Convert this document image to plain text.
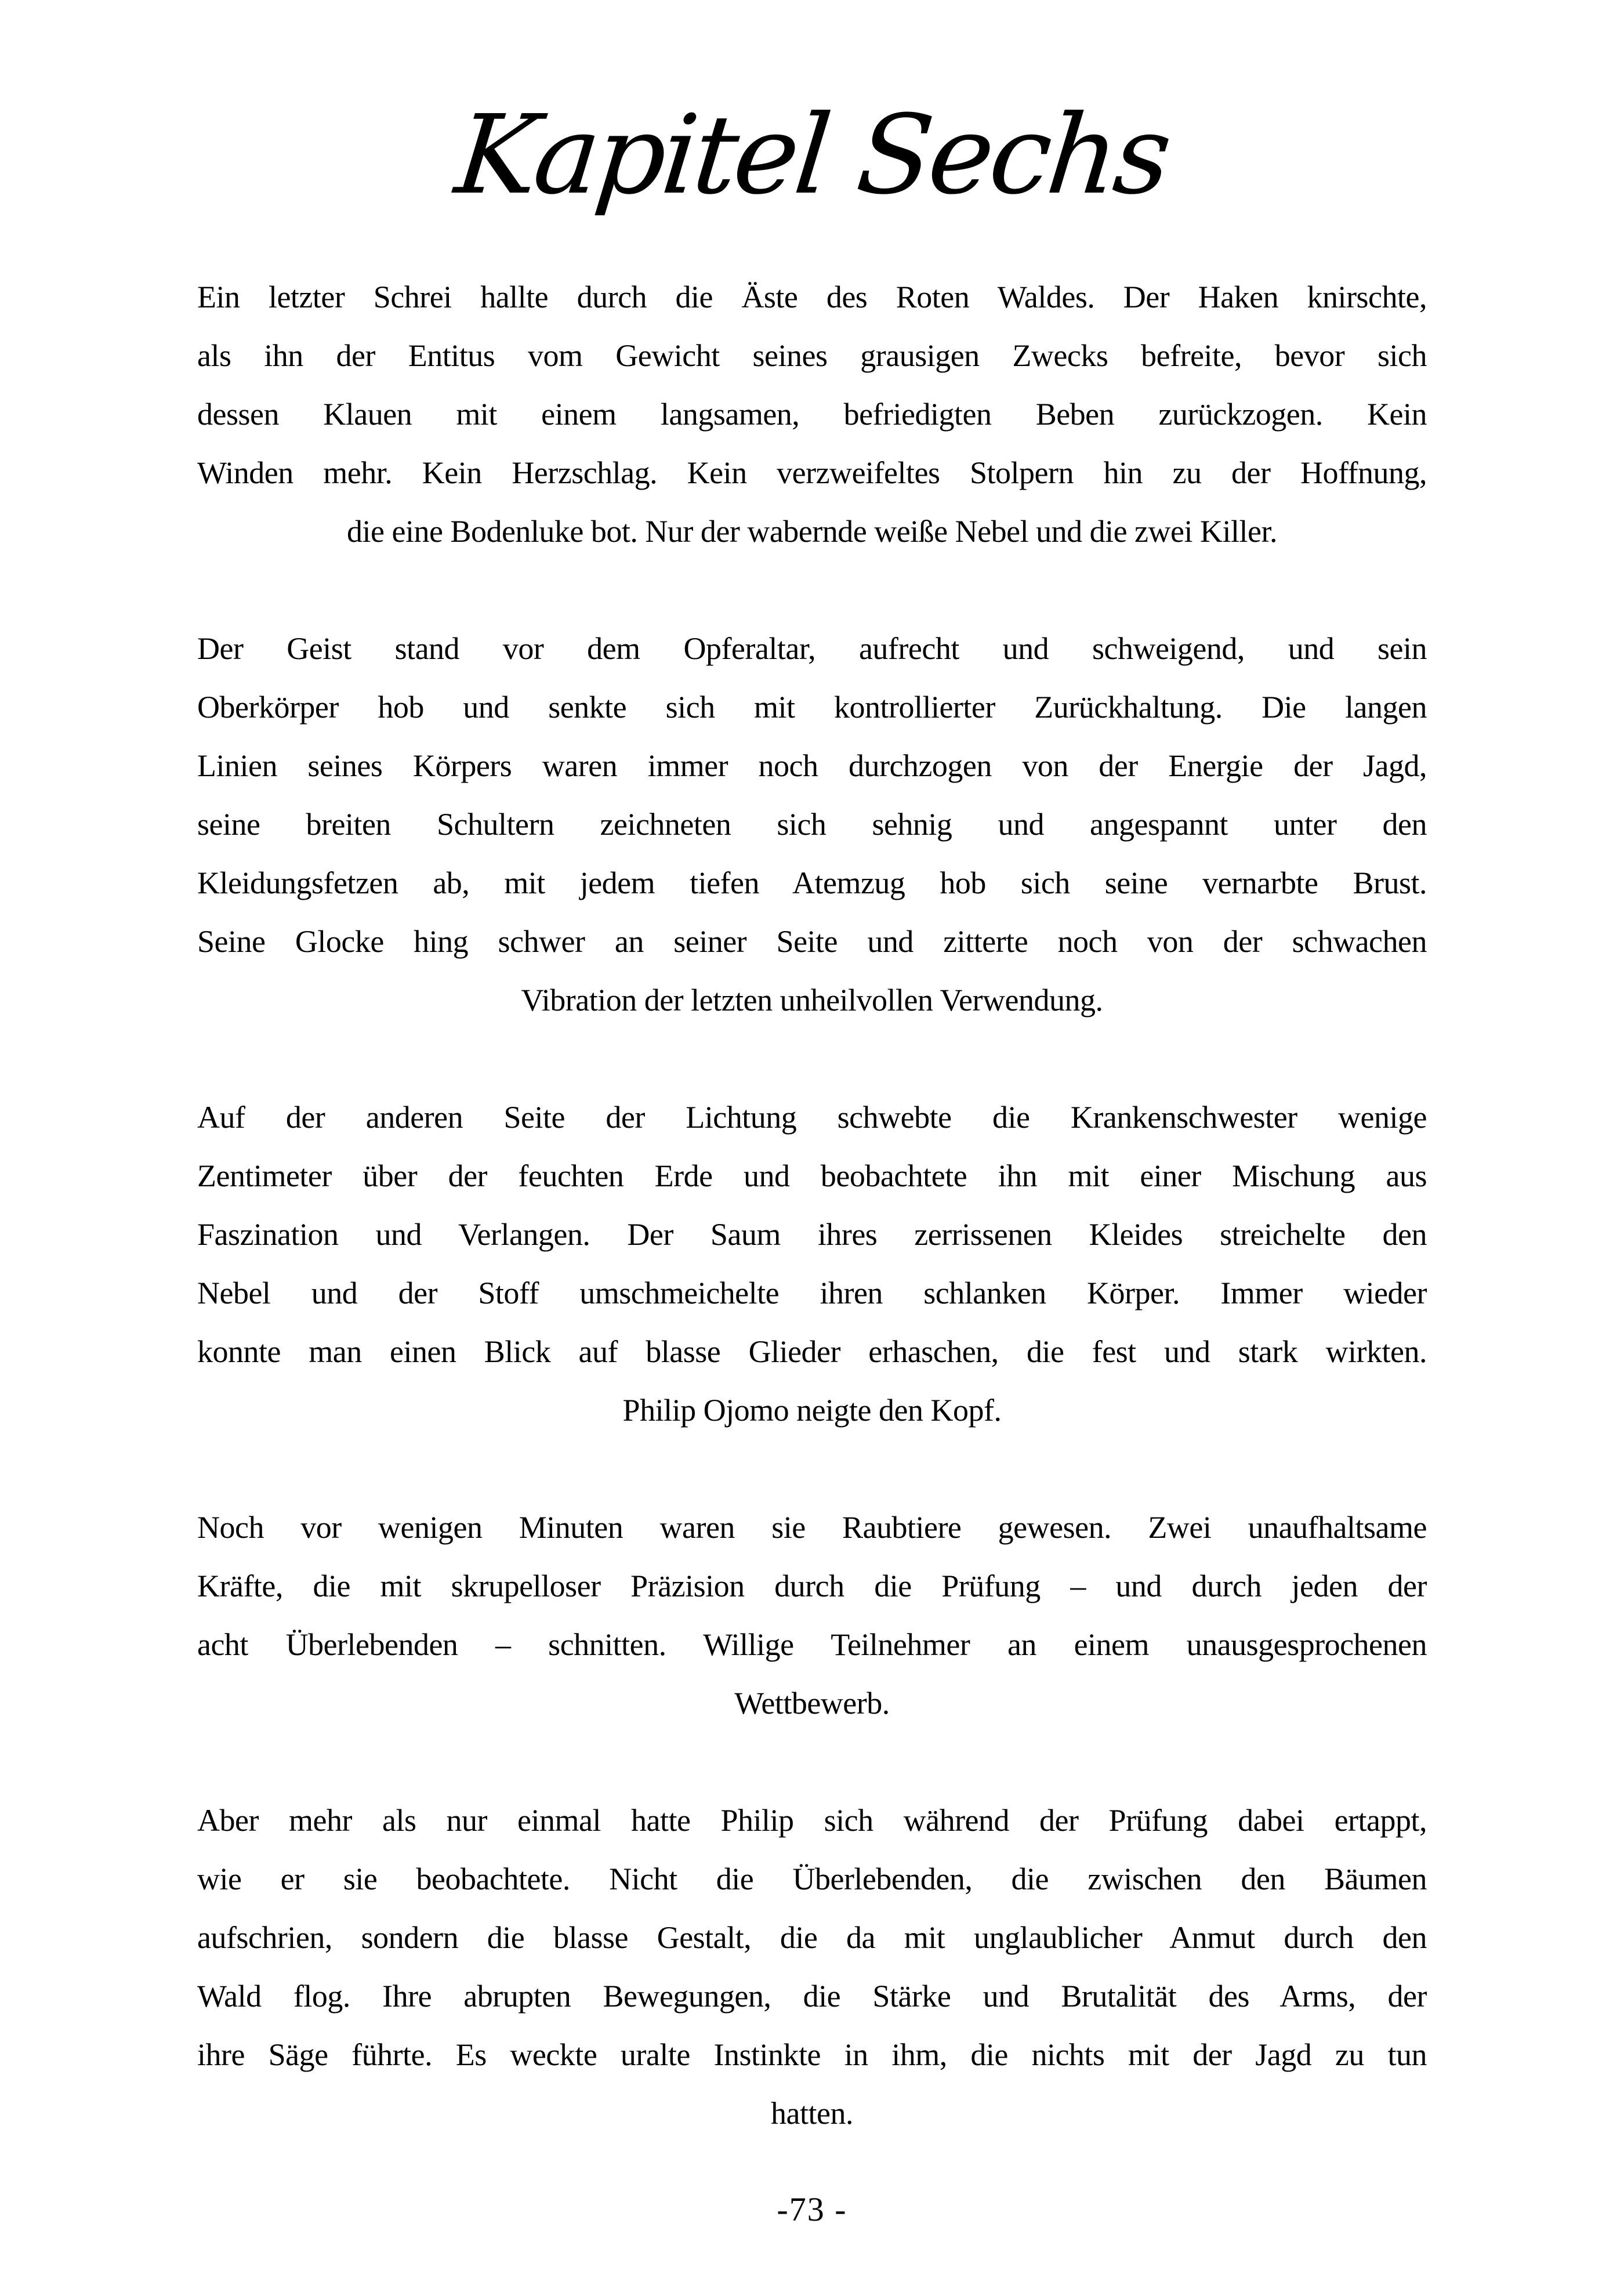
Kapitel Sechs
Ein letzter Schrei hallte durch die Äste des Roten Waldes. Der Haken knirschte,
als ihn der Entitus vom Gewicht seines grausigen Zwecks befreite, bevor sich
dessen Klauen mit einem langsamen, befriedigten Beben zurückzogen. Kein
Winden mehr. Kein Herzschlag. Kein verzweifeltes Stolpern hin zu der Hoffnung,
die eine Bodenluke bot. Nur der wabernde weiße Nebel und die zwei Killer.
Der Geist stand vor dem Opferaltar, aufrecht und schweigend, und sein
Oberkörper hob und senkte sich mit kontrollierter Zurückhaltung. Die langen
Linien seines Körpers waren immer noch durchzogen von der Energie der Jagd,
seine breiten Schultern zeichneten sich sehnig und angespannt unter den
Kleidungsfetzen ab, mit jedem tiefen Atemzug hob sich seine vernarbte Brust.
Seine Glocke hing schwer an seiner Seite und zitterte noch von der schwachen
Vibration der letzten unheilvollen Verwendung.
Auf der anderen Seite der Lichtung schwebte die Krankenschwester wenige
Zentimeter über der feuchten Erde und beobachtete ihn mit einer Mischung aus
Faszination und Verlangen. Der Saum ihres zerrissenen Kleides streichelte den
Nebel und der Stoff umschmeichelte ihren schlanken Körper. Immer wieder
konnte man einen Blick auf blasse Glieder erhaschen, die fest und stark wirkten.
Philip Ojomo neigte den Kopf.
Noch vor wenigen Minuten waren sie Raubtiere gewesen. Zwei unaufhaltsame
Kräfte, die mit skrupelloser Präzision durch die Prüfung – und durch jeden der
acht Überlebenden – schnitten. Willige Teilnehmer an einem unausgesprochenen
Wettbewerb.
Aber mehr als nur einmal hatte Philip sich während der Prüfung dabei ertappt,
wie er sie beobachtete. Nicht die Überlebenden, die zwischen den Bäumen
aufschrien, sondern die blasse Gestalt, die da mit unglaublicher Anmut durch den
Wald flog. Ihre abrupten Bewegungen, die Stärke und Brutalität des Arms, der
ihre Säge führte. Es weckte uralte Instinkte in ihm, die nichts mit der Jagd zu tun
hatten.
-73 -
